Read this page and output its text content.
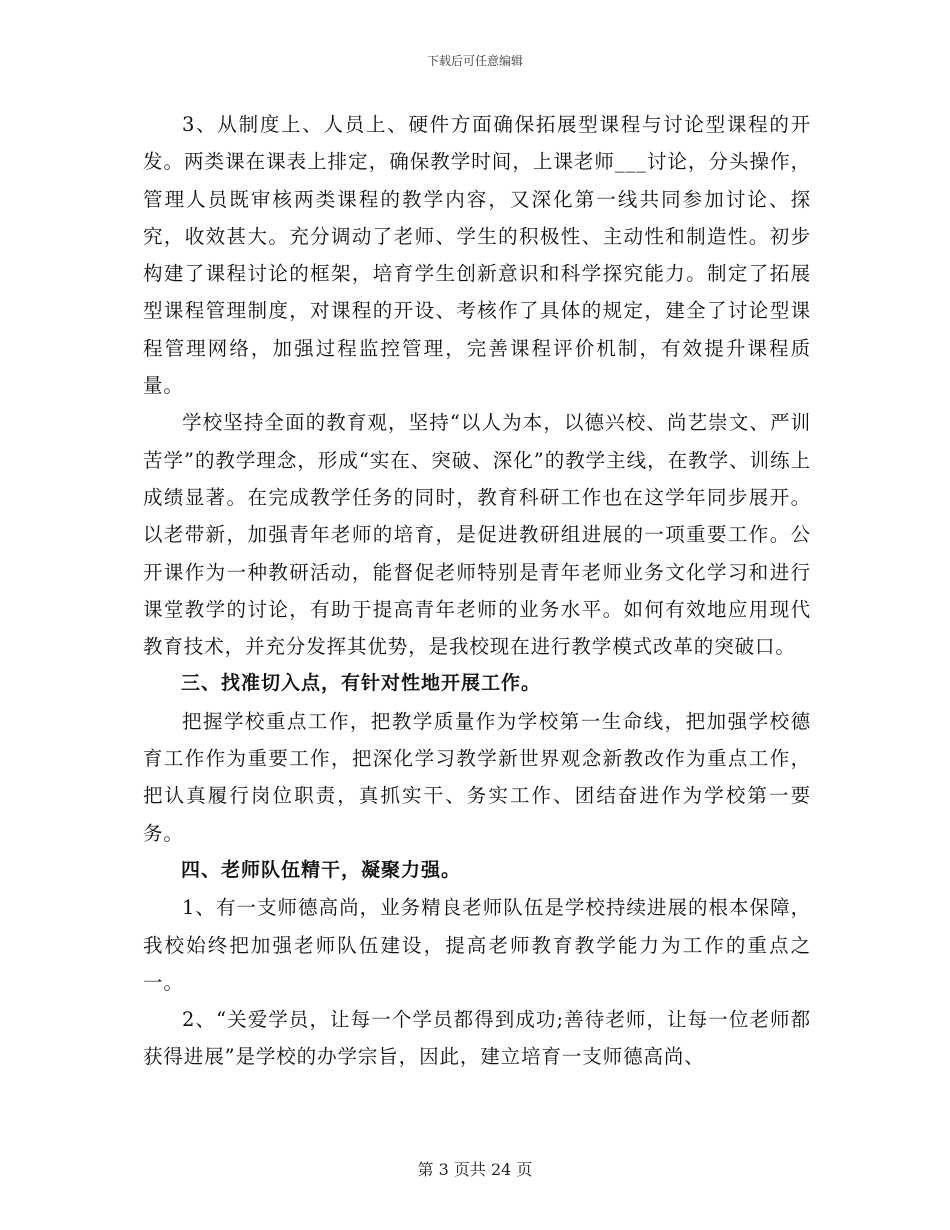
下载后可任意编辑

3、从制度上、人员上、硬件方面确保拓展型课程与讨论型课程的开发。两类课在课表上排定，确保教学时间，上课老师___讨论，分头操作，管理人员既审核两类课程的教学内容，又深化第一线共同参加讨论、探究，收效甚大。充分调动了老师、学生的积极性、主动性和制造性。初步构建了课程讨论的框架，培育学生创新意识和科学探究能力。制定了拓展型课程管理制度，对课程的开设、考核作了具体的规定，建全了讨论型课程管理网络，加强过程监控管理，完善课程评价机制，有效提升课程质量。

学校坚持全面的教育观，坚持“以人为本，以德兴校、尚艺崇文、严训苦学”的教学理念，形成“实在、突破、深化”的教学主线，在教学、训练上成绩显著。在完成教学任务的同时，教育科研工作也在这学年同步展开。以老带新，加强青年老师的培育，是促进教研组进展的一项重要工作。公开课作为一种教研活动，能督促老师特别是青年老师业务文化学习和进行课堂教学的讨论，有助于提高青年老师的业务水平。如何有效地应用现代教育技术，并充分发挥其优势，是我校现在进行教学模式改革的突破口。

三、找准切入点，有针对性地开展工作。

把握学校重点工作，把教学质量作为学校第一生命线，把加强学校德育工作作为重要工作，把深化学习教学新世界观念新教改作为重点工作，把认真履行岗位职责，真抓实干、务实工作、团结奋进作为学校第一要务。

四、老师队伍精干，凝聚力强。

1、有一支师德高尚，业务精良老师队伍是学校持续进展的根本保障，我校始终把加强老师队伍建设，提高老师教育教学能力为工作的重点之一。

2、“关爱学员，让每一个学员都得到成功;善待老师，让每一位老师都获得进展”是学校的办学宗旨，因此，建立培育一支师德高尚、

第 3 页共 24 页
